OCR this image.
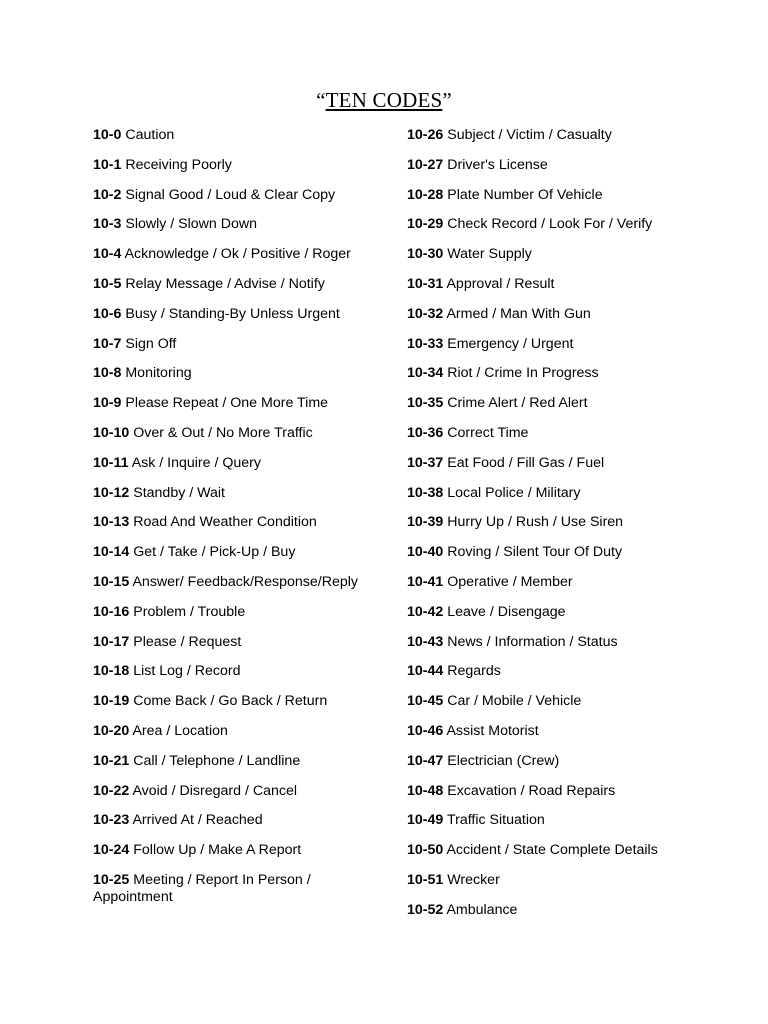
“TEN CODES”
10-0 Caution
10-1 Receiving Poorly
10-2 Signal Good / Loud & Clear Copy
10-3 Slowly / Slown Down
10-4 Acknowledge / Ok / Positive / Roger
10-5 Relay Message / Advise / Notify
10-6 Busy / Standing-By Unless Urgent
10-7 Sign Off
10-8 Monitoring
10-9 Please Repeat / One More Time
10-10 Over & Out / No More Traffic
10-11 Ask / Inquire / Query
10-12 Standby / Wait
10-13 Road And Weather Condition
10-14 Get / Take / Pick-Up / Buy
10-15 Answer/ Feedback/Response/Reply
10-16 Problem / Trouble
10-17 Please / Request
10-18 List Log / Record
10-19 Come Back / Go Back / Return
10-20 Area / Location
10-21 Call / Telephone / Landline
10-22 Avoid / Disregard / Cancel
10-23 Arrived At / Reached
10-24 Follow Up / Make A Report
10-25 Meeting / Report In Person / Appointment
10-26 Subject / Victim / Casualty
10-27 Driver's License
10-28 Plate Number Of Vehicle
10-29 Check Record / Look For / Verify
10-30 Water Supply
10-31 Approval / Result
10-32 Armed / Man With Gun
10-33 Emergency / Urgent
10-34 Riot / Crime In Progress
10-35 Crime Alert / Red Alert
10-36 Correct Time
10-37 Eat Food / Fill Gas / Fuel
10-38 Local Police / Military
10-39 Hurry Up / Rush / Use Siren
10-40 Roving / Silent Tour Of Duty
10-41 Operative / Member
10-42 Leave / Disengage
10-43 News / Information / Status
10-44 Regards
10-45 Car / Mobile / Vehicle
10-46 Assist Motorist
10-47 Electrician (Crew)
10-48 Excavation / Road Repairs
10-49 Traffic Situation
10-50 Accident / State Complete Details
10-51 Wrecker
10-52 Ambulance
